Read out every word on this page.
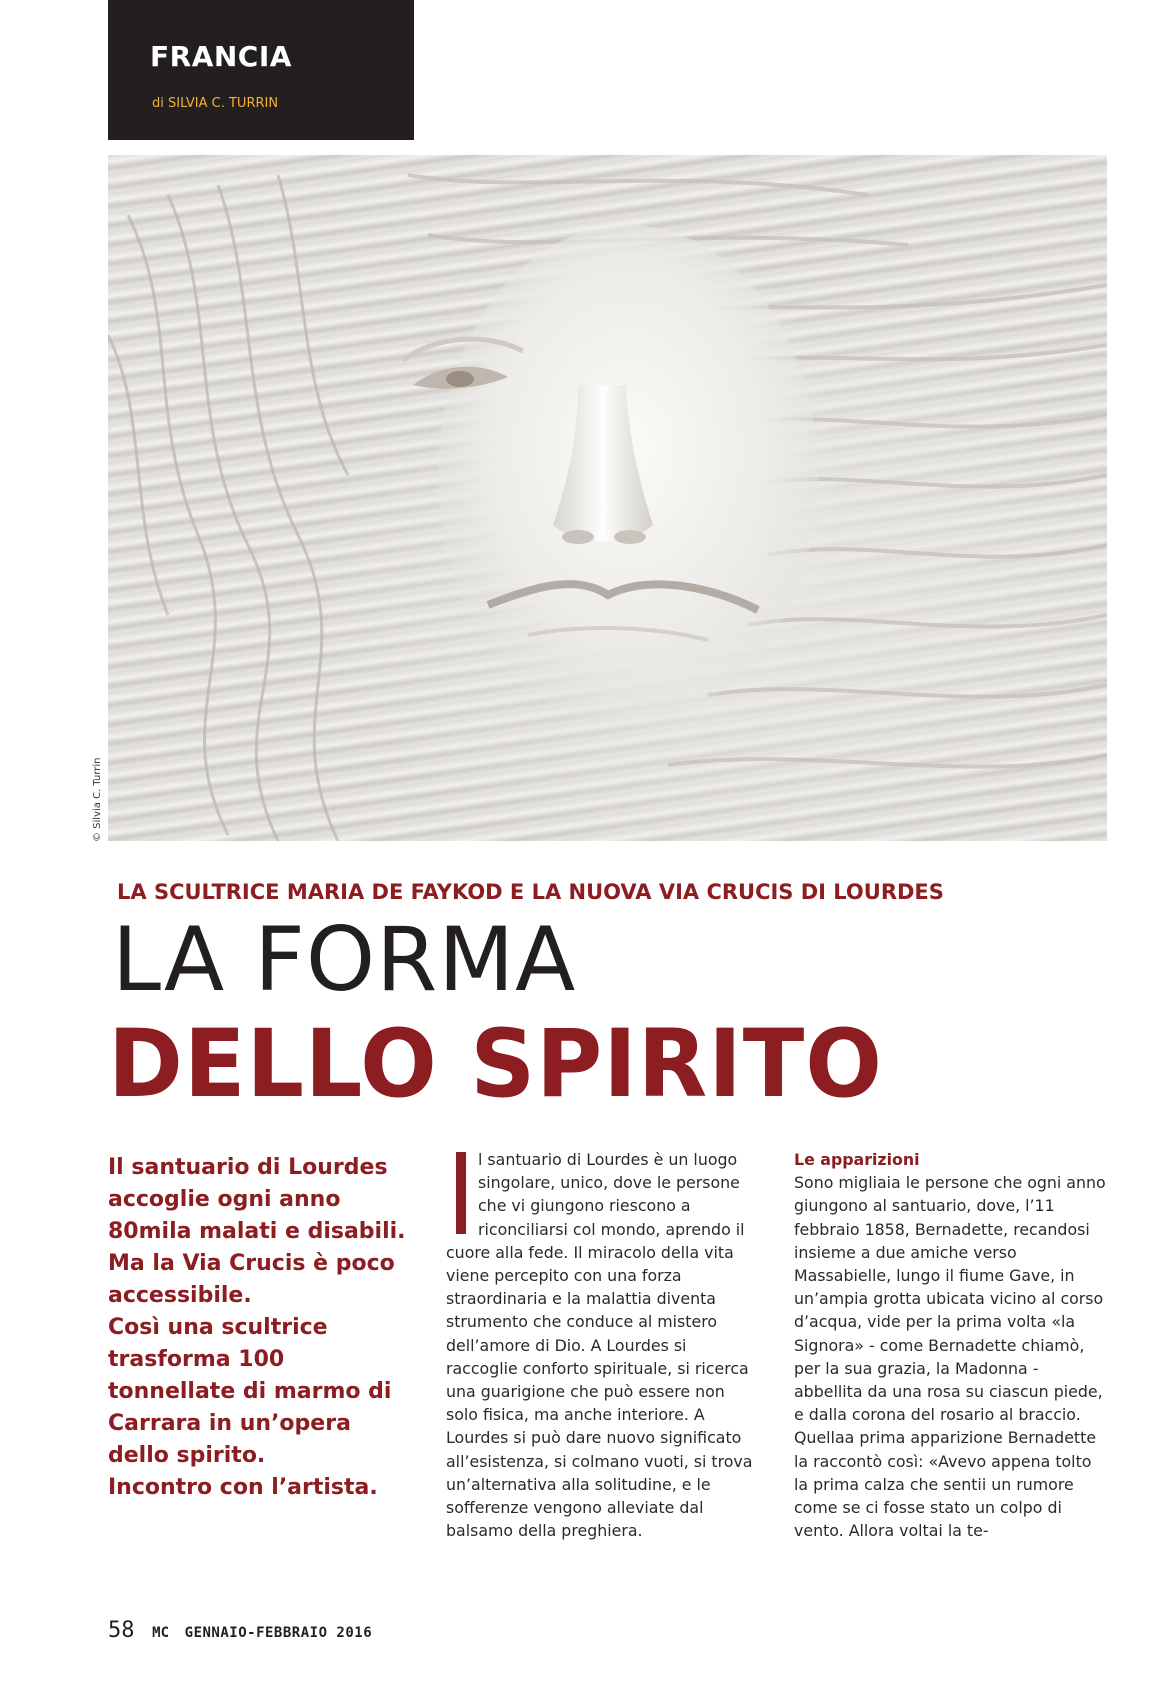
FRANCIA
di SILVIA C. TURRIN
© Silvia C. Turrin
LA SCULTRICE MARIA DE FAYKOD E LA NUOVA VIA CRUCIS DI LOURDES
LA FORMA
DELLO SPIRITO

Il santuario di Lourdes accoglie ogni anno 80mila malati e disabili.

Ma la Via Crucis è poco accessibile.

Così una scultrice trasforma 100 tonnellate di marmo di Carrara in un’opera dello spirito.

Incontro con l’artista.

l santuario di Lourdes è un luogo singolare, unico, dove le persone che vi giungono riescono a riconciliarsi col mondo, aprendo il cuore alla fede. Il miracolo della vita viene percepito con una forza straordinaria e la malattia diventa strumento che conduce al mistero dell’amore di Dio. A Lourdes si raccoglie conforto spirituale, si ricerca una guarigione che può essere non solo fisica, ma anche interiore. A Lourdes si può dare nuovo significato all’esistenza, si colmano vuoti, si trova un’alternativa alla solitudine, e le sofferenze vengono alleviate dal balsamo della preghiera.

Le apparizioni

Sono migliaia le persone che ogni anno giungono al santuario, dove, l’11 febbraio 1858, Bernadette, recandosi insieme a due amiche verso Massabielle, lungo il fiume Gave, in un’ampia grotta ubicata vicino al corso d’acqua, vide per la prima volta «la Signora» - come Bernadette chiamò, per la sua grazia, la Madonna - abbellita da una rosa su ciascun piede, e dalla corona del rosario al braccio. Quellaa prima apparizione Bernadette la raccontò così: «Avevo appena tolto la prima calza che sentii un rumore come se ci fosse stato un colpo di vento. Allora voltai la te-

58 MC GENNAIO-FEBBRAIO 2016
